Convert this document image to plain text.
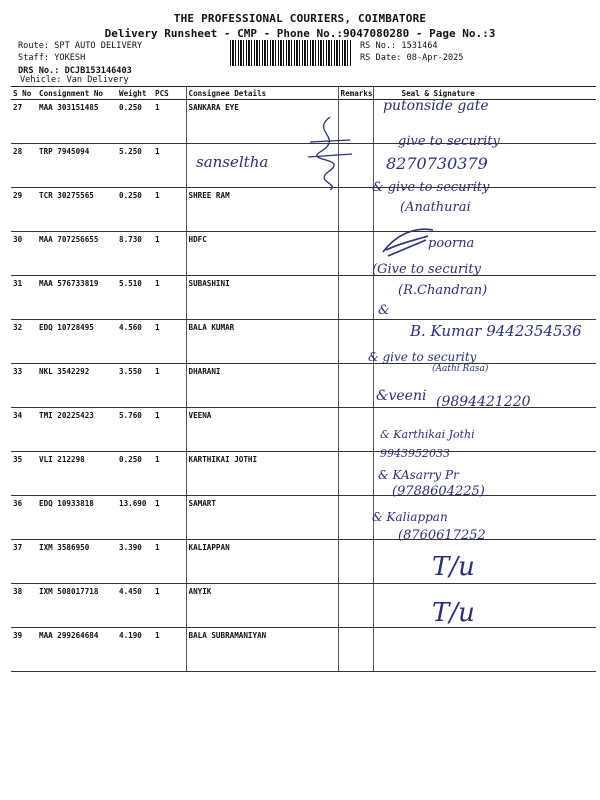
THE PROFESSIONAL COURIERS, COIMBATORE
Delivery Runsheet - CMP - Phone No.:9047080280 - Page No.:3
Route: SPT AUTO DELIVERY
Staff: YOKESH
DRS No.: DCJB153146403
Vehicle: Van Delivery
RS No.: 1531464
RS Date: 08-Apr-2025
S No	Consignment No	Weight	PCS	Consignee Details	Remarks	Seal & Signature
27	MAA 303151485	0.250	1	SANKARA EYE		
28	TRP 7945094	5.250	1			
29	TCR 30275565	0.250	1	SHREE RAM		
30	MAA 707256655	8.730	1	HDFC		
31	MAA 576733819	5.510	1	SUBASHINI		
32	EDQ 10728495	4.560	1	BALA KUMAR		
33	NKL 3542292	3.550	1	DHARANI		
34	TMI 20225423	5.760	1	VEENA		
35	VLI 212298	0.250	1	KARTHIKAI JOTHI		
36	EDQ 10933818	13.690	1	SAMART		
37	IXM 3586950	3.390	1	KALIAPPAN		
38	IXM 508017718	4.450	1	ANYIK		
39	MAA 299264684	4.190	1	BALA SUBRAMANIYAN		
putonside gate
give to security
8270730379
sanseltha
& give to security
(Anathurai
poorna
(Give to security
(R.Chandran)
&
B. Kumar 9442354536
& give to security
(Aathi Rasa)
&veeni (9894421220
& Karthikai Jothi
9943952033
& KAsarry Pr
(9788604225)
& Kaliappan
(8760617252
T/u
T/u
